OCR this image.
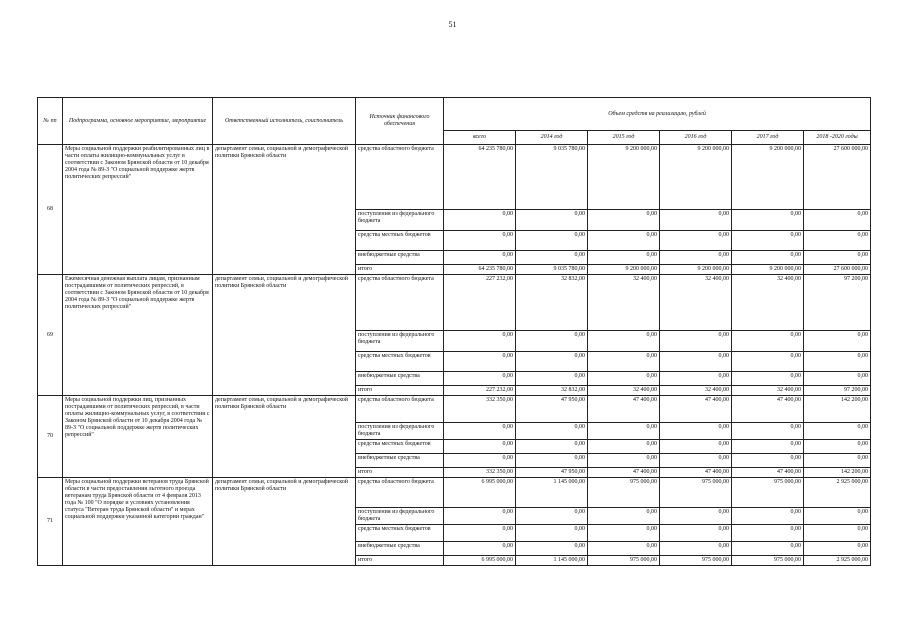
51
№ пп	Подпрограмма, основное мероприятие, мероприятие	Ответственный исполнитель, соисполнитель	Источник финансового обеспечения	Объем средств на реализацию, рублей					
				всего	2014 год	2015 год	2016 год	2017 год	2018 -2020 годы
68	Меры социальной поддержки реабилитированных лиц в части оплаты жилищно-коммунальных услуг в соответствии с Законом Брянской области от 10 декабря 2004 года № 89-З "О социальной поддержке жертв политических репрессий"	департамент семьи, социальной и демографической политики Брянской области	средства областного бюджета	64 235 780,00	9 035 780,00	9 200 000,00	9 200 000,00	9 200 000,00	27 600 000,00
			поступления из федерального бюджета	0,00	0,00	0,00	0,00	0,00	0,00
			средства местных бюджетов	0,00	0,00	0,00	0,00	0,00	0,00
			внебюджетные средства	0,00	0,00	0,00	0,00	0,00	0,00
			итого	64 235 780,00	9 035 780,00	9 200 000,00	9 200 000,00	9 200 000,00	27 600 000,00
69	Ежемесячная денежная выплата лицам, признанным пострадавшими от политических репрессий, в соответствии с Законом Брянской области от 10 декабря 2004 года № 89-З "О социальной поддержке жертв политических репрессий"	департамент семьи, социальной и демографической политики Брянской области	средства областного бюджета	227 232,00	32 832,00	32 400,00	32 400,00	32 400,00	97 200,00
			поступления из федерального бюджета	0,00	0,00	0,00	0,00	0,00	0,00
			средства местных бюджетов	0,00	0,00	0,00	0,00	0,00	0,00
			внебюджетные средства	0,00	0,00	0,00	0,00	0,00	0,00
			итого	227 232,00	32 832,00	32 400,00	32 400,00	32 400,00	97 200,00
70	Меры социальной поддержки лиц, признанных пострадавшими от политических репрессий, в части оплаты жилищно-коммунальных услуг, в соответствии с Законом Брянской области от 10 декабря 2004 года № 89-З "О социальной поддержке жертв политических репрессий"	департамент семьи, социальной и демографической политики Брянской области	средства областного бюджета	332 350,00	47 950,00	47 400,00	47 400,00	47 400,00	142 200,00
			поступления из федерального бюджета	0,00	0,00	0,00	0,00	0,00	0,00
			средства местных бюджетов	0,00	0,00	0,00	0,00	0,00	0,00
			внебюджетные средства	0,00	0,00	0,00	0,00	0,00	0,00
			итого	332 350,00	47 950,00	47 400,00	47 400,00	47 400,00	142 200,00
71	Меры социальной поддержки ветеранов труда Брянской области в части предоставления льготного проезда ветеранам труда Брянской области от 4 февраля 2013 года № 100 "О порядке и условиях установления статуса "Ветеран труда Брянской области" и мерах социальной поддержки указанной категории граждан"	департамент семьи, социальной и демографической политики Брянской области	средства областного бюджета	6 995 000,00	1 145 000,00	975 000,00	975 000,00	975 000,00	2 925 000,00
			поступления из федерального бюджета	0,00	0,00	0,00	0,00	0,00	0,00
			средства местных бюджетов	0,00	0,00	0,00	0,00	0,00	0,00
			внебюджетные средства	0,00	0,00	0,00	0,00	0,00	0,00
			итого	6 995 000,00	1 145 000,00	975 000,00	975 000,00	975 000,00	2 925 000,00
